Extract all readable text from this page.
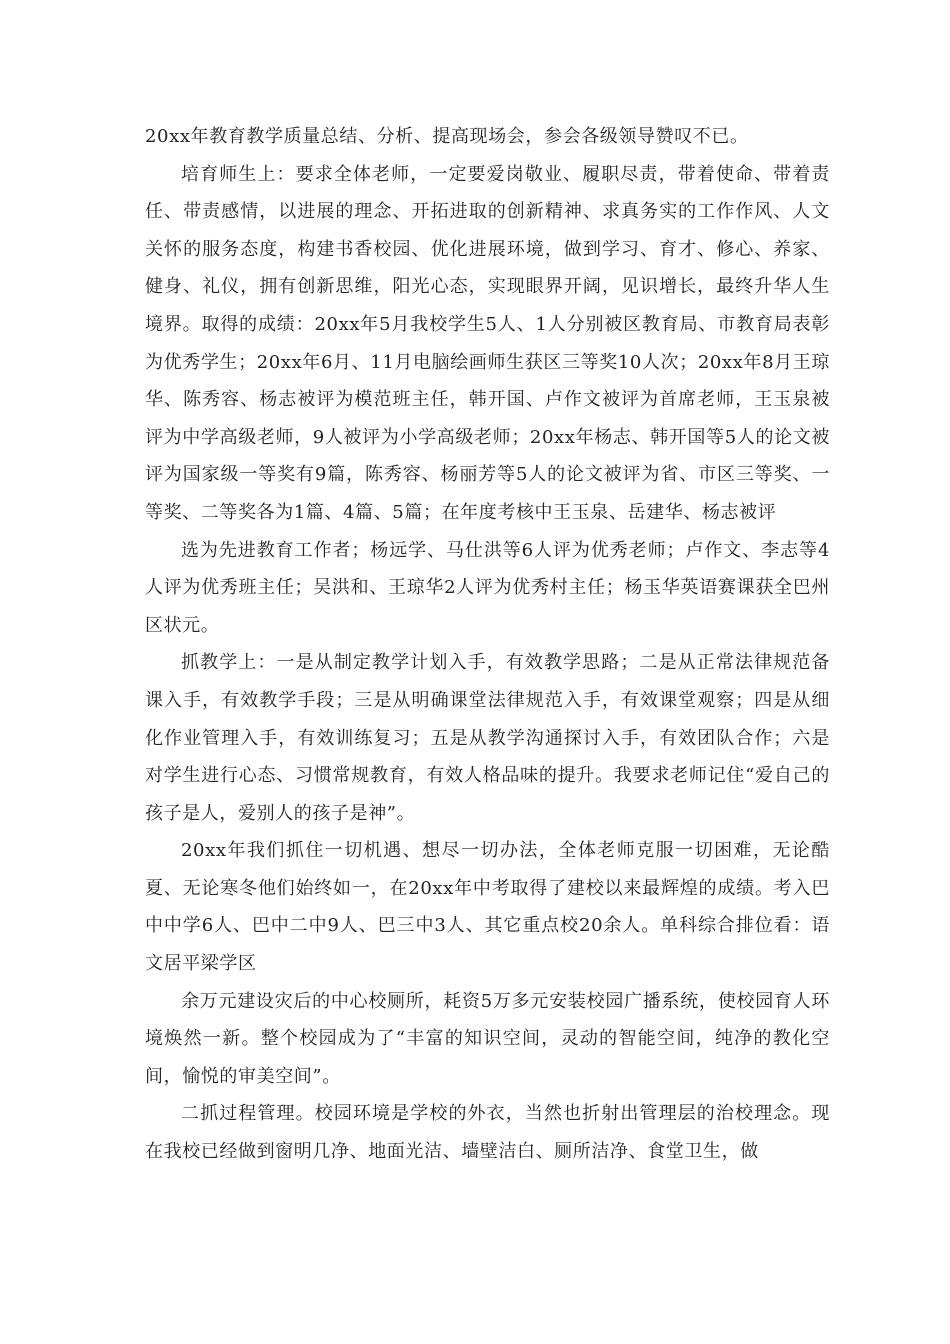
20xx年教育教学质量总结、分析、提高现场会，参会各级领导赞叹不已。

培育师生上：要求全体老师，一定要爱岗敬业、履职尽责，带着使命、带着责任、带责感情，以进展的理念、开拓进取的创新精神、求真务实的工作作风、人文关怀的服务态度，构建书香校园、优化进展环境，做到学习、育才、修心、养家、健身、礼仪，拥有创新思维，阳光心态，实现眼界开阔，见识增长，最终升华人生境界。取得的成绩：20xx年5月我校学生5人、1人分别被区教育局、市教育局表彰为优秀学生；20xx年6月、11月电脑绘画师生获区三等奖10人次；20xx年8月王琼华、陈秀容、杨志被评为模范班主任，韩开国、卢作文被评为首席老师，王玉泉被评为中学高级老师，9人被评为小学高级老师；20xx年杨志、韩开国等5人的论文被评为国家级一等奖有9篇，陈秀容、杨丽芳等5人的论文被评为省、市区三等奖、一等奖、二等奖各为1篇、4篇、5篇；在年度考核中王玉泉、岳建华、杨志被评

选为先进教育工作者；杨远学、马仕洪等6人评为优秀老师；卢作文、李志等4人评为优秀班主任；吴洪和、王琼华2人评为优秀村主任；杨玉华英语赛课获全巴州区状元。

抓教学上：一是从制定教学计划入手，有效教学思路；二是从正常法律规范备课入手，有效教学手段；三是从明确课堂法律规范入手，有效课堂观察；四是从细化作业管理入手，有效训练复习；五是从教学沟通探讨入手，有效团队合作；六是对学生进行心态、习惯常规教育，有效人格品味的提升。我要求老师记住“爱自己的孩子是人，爱别人的孩子是神”。

20xx年我们抓住一切机遇、想尽一切办法，全体老师克服一切困难，无论酷夏、无论寒冬他们始终如一，在20xx年中考取得了建校以来最辉煌的成绩。考入巴中中学6人、巴中二中9人、巴三中3人、其它重点校20余人。单科综合排位看：语文居平梁学区

余万元建设灾后的中心校厕所，耗资5万多元安装校园广播系统，使校园育人环境焕然一新。整个校园成为了“丰富的知识空间，灵动的智能空间，纯净的教化空间，愉悦的审美空间”。

二抓过程管理。校园环境是学校的外衣，当然也折射出管理层的治校理念。现在我校已经做到窗明几净、地面光洁、墙壁洁白、厕所洁净、食堂卫生，做
